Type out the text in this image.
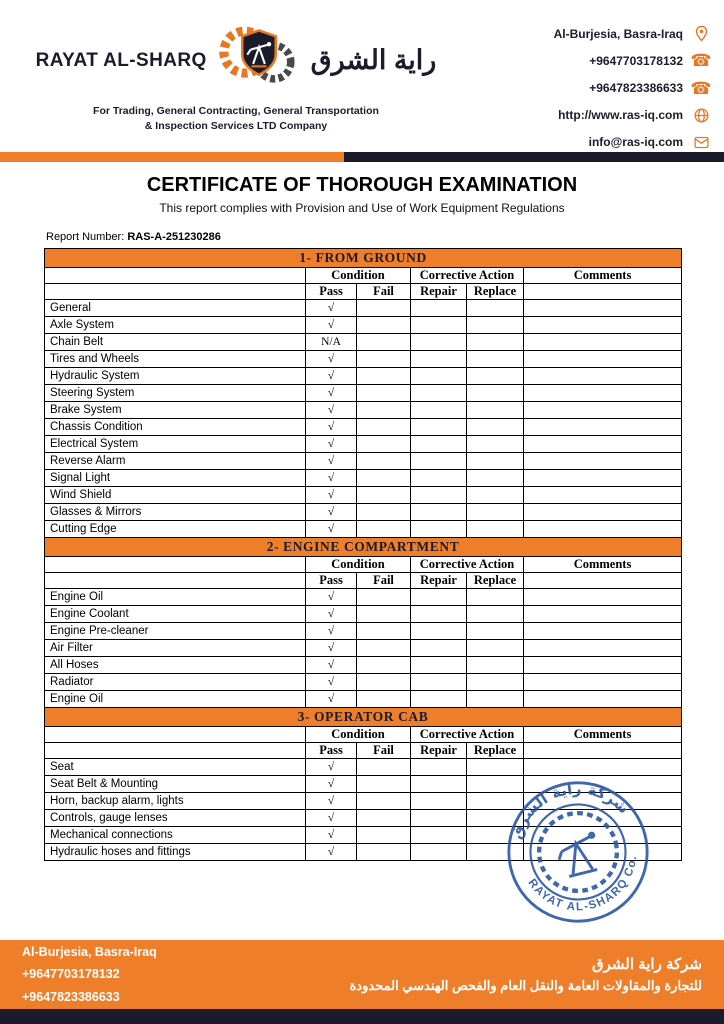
RAYAT AL-SHARQ	راية الشرق
For Trading, General Contracting, General Transportation
& Inspection Services LTD Company
Al-Burjesia, Basra-Iraq
+9647703178132 ☎
+9647823386633 ☎
http://www.ras-iq.com
info@ras-iq.com
CERTIFICATE OF THOROUGH EXAMINATION
This report complies with Provision and Use of Work Equipment Regulations
Report Number: RAS-A-251230286
1- FROM GROUND					
	Condition		Corrective Action		Comments
	Pass	Fail	Repair	Replace	
General	√				
Axle System	√				
Chain Belt	N/A				
Tires and Wheels	√				
Hydraulic System	√				
Steering System	√				
Brake System	√				
Chassis Condition	√				
Electrical System	√				
Reverse Alarm	√				
Signal Light	√				
Wind Shield	√				
Glasses & Mirrors	√				
Cutting Edge	√				
2- ENGINE COMPARTMENT					
	Condition		Corrective Action		Comments
	Pass	Fail	Repair	Replace	
Engine Oil	√				
Engine Coolant	√				
Engine Pre-cleaner	√				
Air Filter	√				
All Hoses	√				
Radiator	√				
Engine Oil	√				
3- OPERATOR CAB					
	Condition		Corrective Action		Comments
	Pass	Fail	Repair	Replace	
Seat	√				
Seat Belt & Mounting	√				
Horn, backup alarm, lights	√				
Controls, gauge lenses	√				
Mechanical connections	√				
Hydraulic hoses and fittings	√				
شركة راية الشرق
RAYAT AL-SHARQ Co.
Al-Burjesia, Basra-Iraq
+9647703178132
+9647823386633
شركة راية الشرق
للتجارة والمقاولات العامة والنقل العام والفحص الهندسي المحدودة
